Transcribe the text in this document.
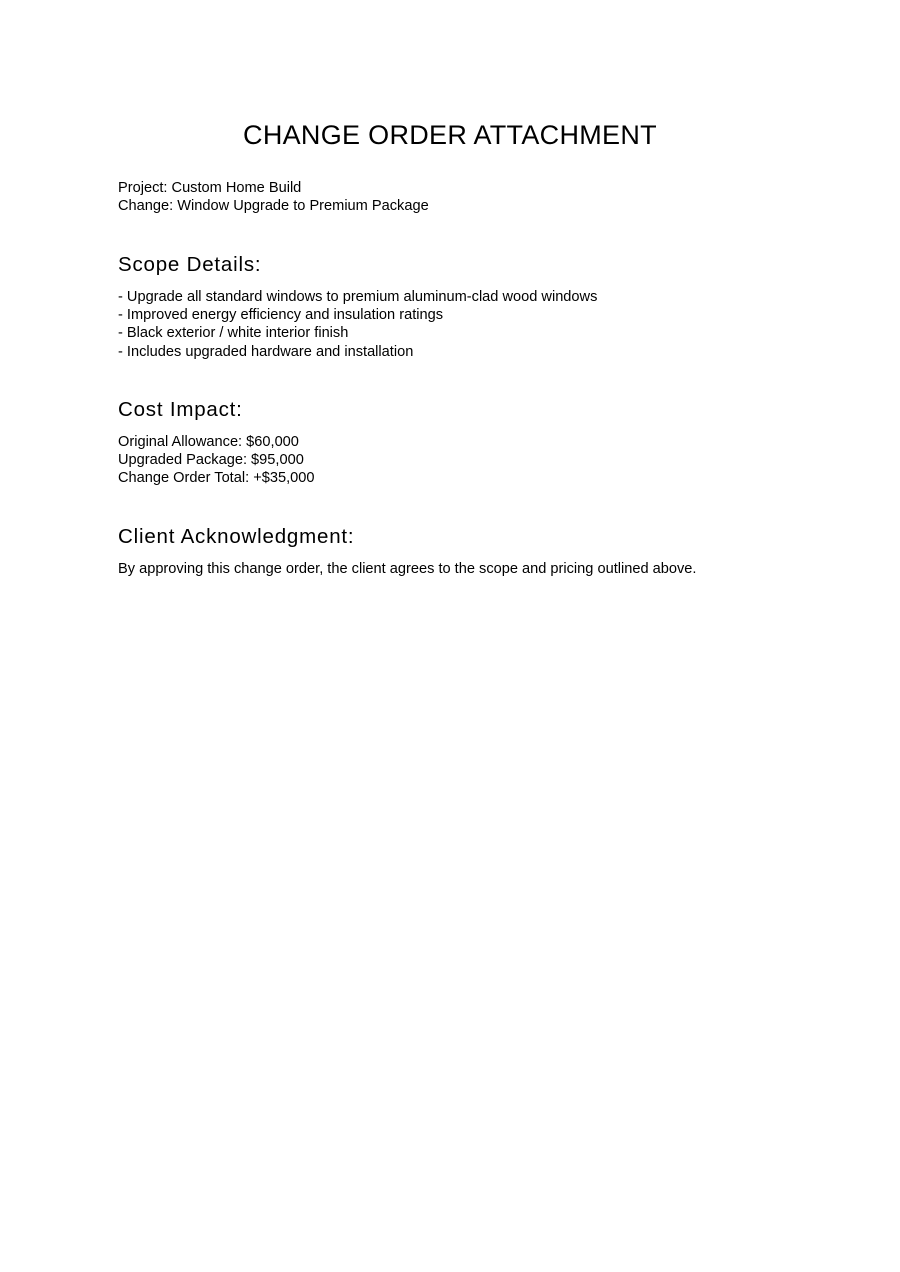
CHANGE ORDER ATTACHMENT

Project: Custom Home Build

Change: Window Upgrade to Premium Package

Scope Details:

- Upgrade all standard windows to premium aluminum-clad wood windows

- Improved energy efficiency and insulation ratings

- Black exterior / white interior finish

- Includes upgraded hardware and installation

Cost Impact:

Original Allowance: $60,000

Upgraded Package: $95,000

Change Order Total: +$35,000

Client Acknowledgment:

By approving this change order, the client agrees to the scope and pricing outlined above.
